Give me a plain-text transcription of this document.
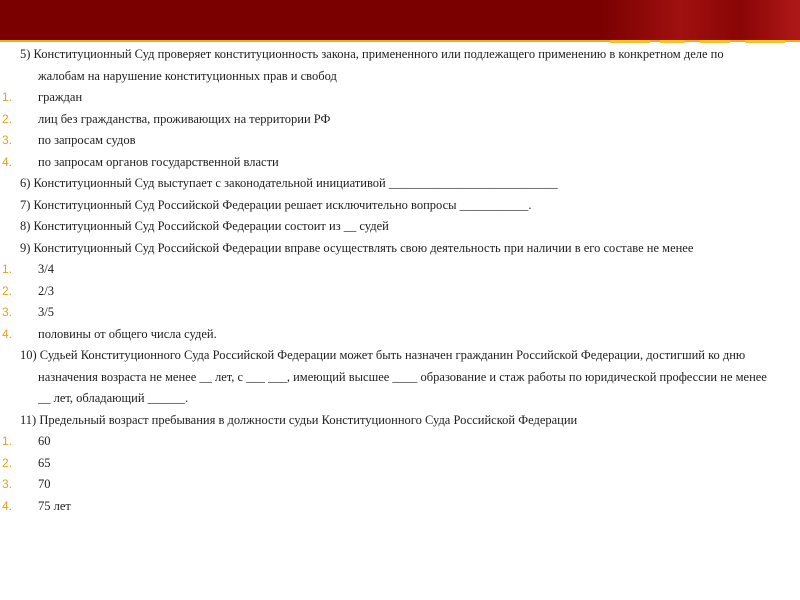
5) Конституционный Суд проверяет конституционность закона, примененного или подлежащего применению в конкретном деле по жалобам на нарушение конституционных прав и свобод

1. граждан
2. лиц без гражданства, проживающих на территории РФ
3. по запросам судов
4. по запросам органов государственной власти

6) Конституционный Суд выступает с законодательной инициативой ___________________________

7) Конституционный Суд Российской Федерации решает исключительно вопросы ___________.

8) Конституционный Суд Российской Федерации состоит из __ судей

9) Конституционный Суд Российской Федерации вправе осуществлять свою деятельность при наличии в его составе не менее

1. 3/4
2. 2/3
3. 3/5
4. половины от общего числа судей.

10) Судьей Конституционного Суда Российской Федерации может быть назначен гражданин Российской Федерации, достигший ко дню назначения возраста не менее __ лет, с ___ ___, имеющий высшее ____ образование и стаж работы по юридической профессии не менее __ лет, обладающий ______.

11) Предельный возраст пребывания в должности судьи Конституционного Суда Российской Федерации

1. 60
2. 65
3. 70
4. 75 лет
